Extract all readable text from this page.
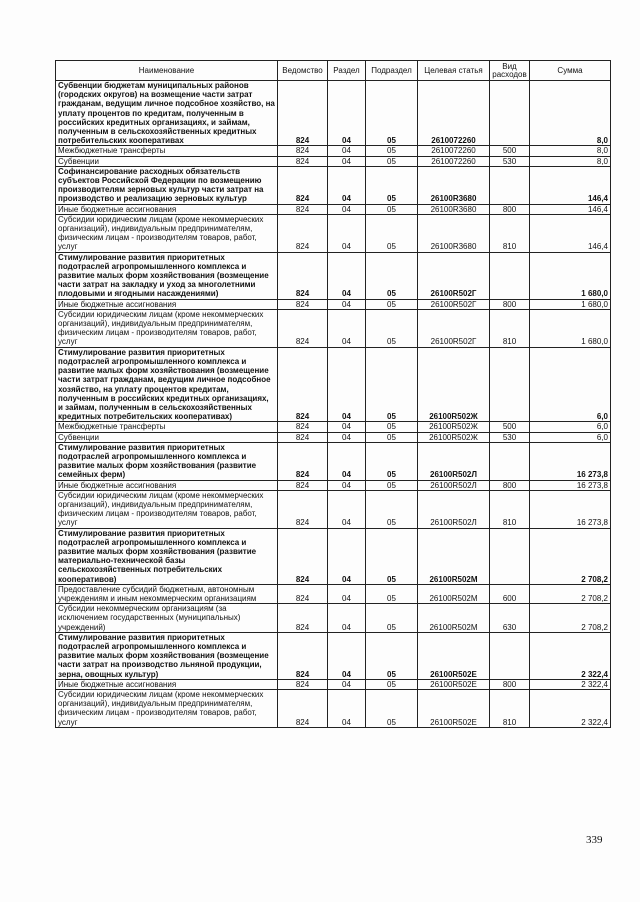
Наименование	Ведомство	Раздел	Подраздел	Целевая статья	Вид расходов	Сумма
Субвенции бюджетам муниципальных районов (городских округов) на возмещение части затрат гражданам, ведущим личное подсобное хозяйство, на уплату процентов по кредитам, полученным в российских кредитных организациях, и займам, полученным в сельскохозяйственных кредитных потребительских кооперативах	824	04	05	2610072260		8,0
Межбюджетные трансферты	824	04	05	2610072260	500	8,0
Субвенции	824	04	05	2610072260	530	8,0
Софинансирование расходных обязательств субъектов Российской Федерации по возмещению производителям зерновых культур части затрат на производство и реализацию зерновых культур	824	04	05	26100R3680		146,4
Иные бюджетные ассигнования	824	04	05	26100R3680	800	146,4
Субсидии юридическим лицам (кроме некоммерческих организаций), индивидуальным предпринимателям, физическим лицам - производителям товаров, работ, услуг	824	04	05	26100R3680	810	146,4
Стимулирование развития приоритетных подотраслей агропромышленного комплекса и развитие малых форм хозяйствования (возмещение части затрат на закладку и уход за многолетними плодовыми и ягодными насаждениями)	824	04	05	26100R502Г		1 680,0
Иные бюджетные ассигнования	824	04	05	26100R502Г	800	1 680,0
Субсидии юридическим лицам (кроме некоммерческих организаций), индивидуальным предпринимателям, физическим лицам - производителям товаров, работ, услуг	824	04	05	26100R502Г	810	1 680,0
Стимулирование развития приоритетных подотраслей агропромышленного комплекса и развитие малых форм хозяйствования (возмещение части затрат гражданам, ведущим личное подсобное хозяйство, на уплату процентов кредитам, полученным в российских кредитных организациях, и займам, полученным в сельскохозяйственных кредитных потребительских кооперативах)	824	04	05	26100R502Ж		6,0
Межбюджетные трансферты	824	04	05	26100R502Ж	500	6,0
Субвенции	824	04	05	26100R502Ж	530	6,0
Стимулирование развития приоритетных подотраслей агропромышленного комплекса и развитие малых форм хозяйствования (развитие семейных ферм)	824	04	05	26100R502Л		16 273,8
Иные бюджетные ассигнования	824	04	05	26100R502Л	800	16 273,8
Субсидии юридическим лицам (кроме некоммерческих организаций), индивидуальным предпринимателям, физическим лицам - производителям товаров, работ, услуг	824	04	05	26100R502Л	810	16 273,8
Стимулирование развития приоритетных подотраслей агропромышленного комплекса и развитие малых форм хозяйствования (развитие материально-технической базы сельскохозяйственных потребительских кооперативов)	824	04	05	26100R502М		2 708,2
Предоставление субсидий бюджетным, автономным учреждениям и иным некоммерческим организациям	824	04	05	26100R502М	600	2 708,2
Субсидии некоммерческим организациям (за исключением государственных (муниципальных) учреждений)	824	04	05	26100R502М	630	2 708,2
Стимулирование развития приоритетных подотраслей агропромышленного комплекса и развитие малых форм хозяйствования (возмещение части затрат на производство льняной продукции, зерна, овощных культур)	824	04	05	26100R502Е		2 322,4
Иные бюджетные ассигнования	824	04	05	26100R502Е	800	2 322,4
Субсидии юридическим лицам (кроме некоммерческих организаций), индивидуальным предпринимателям, физическим лицам - производителям товаров, работ, услуг	824	04	05	26100R502Е	810	2 322,4
339
